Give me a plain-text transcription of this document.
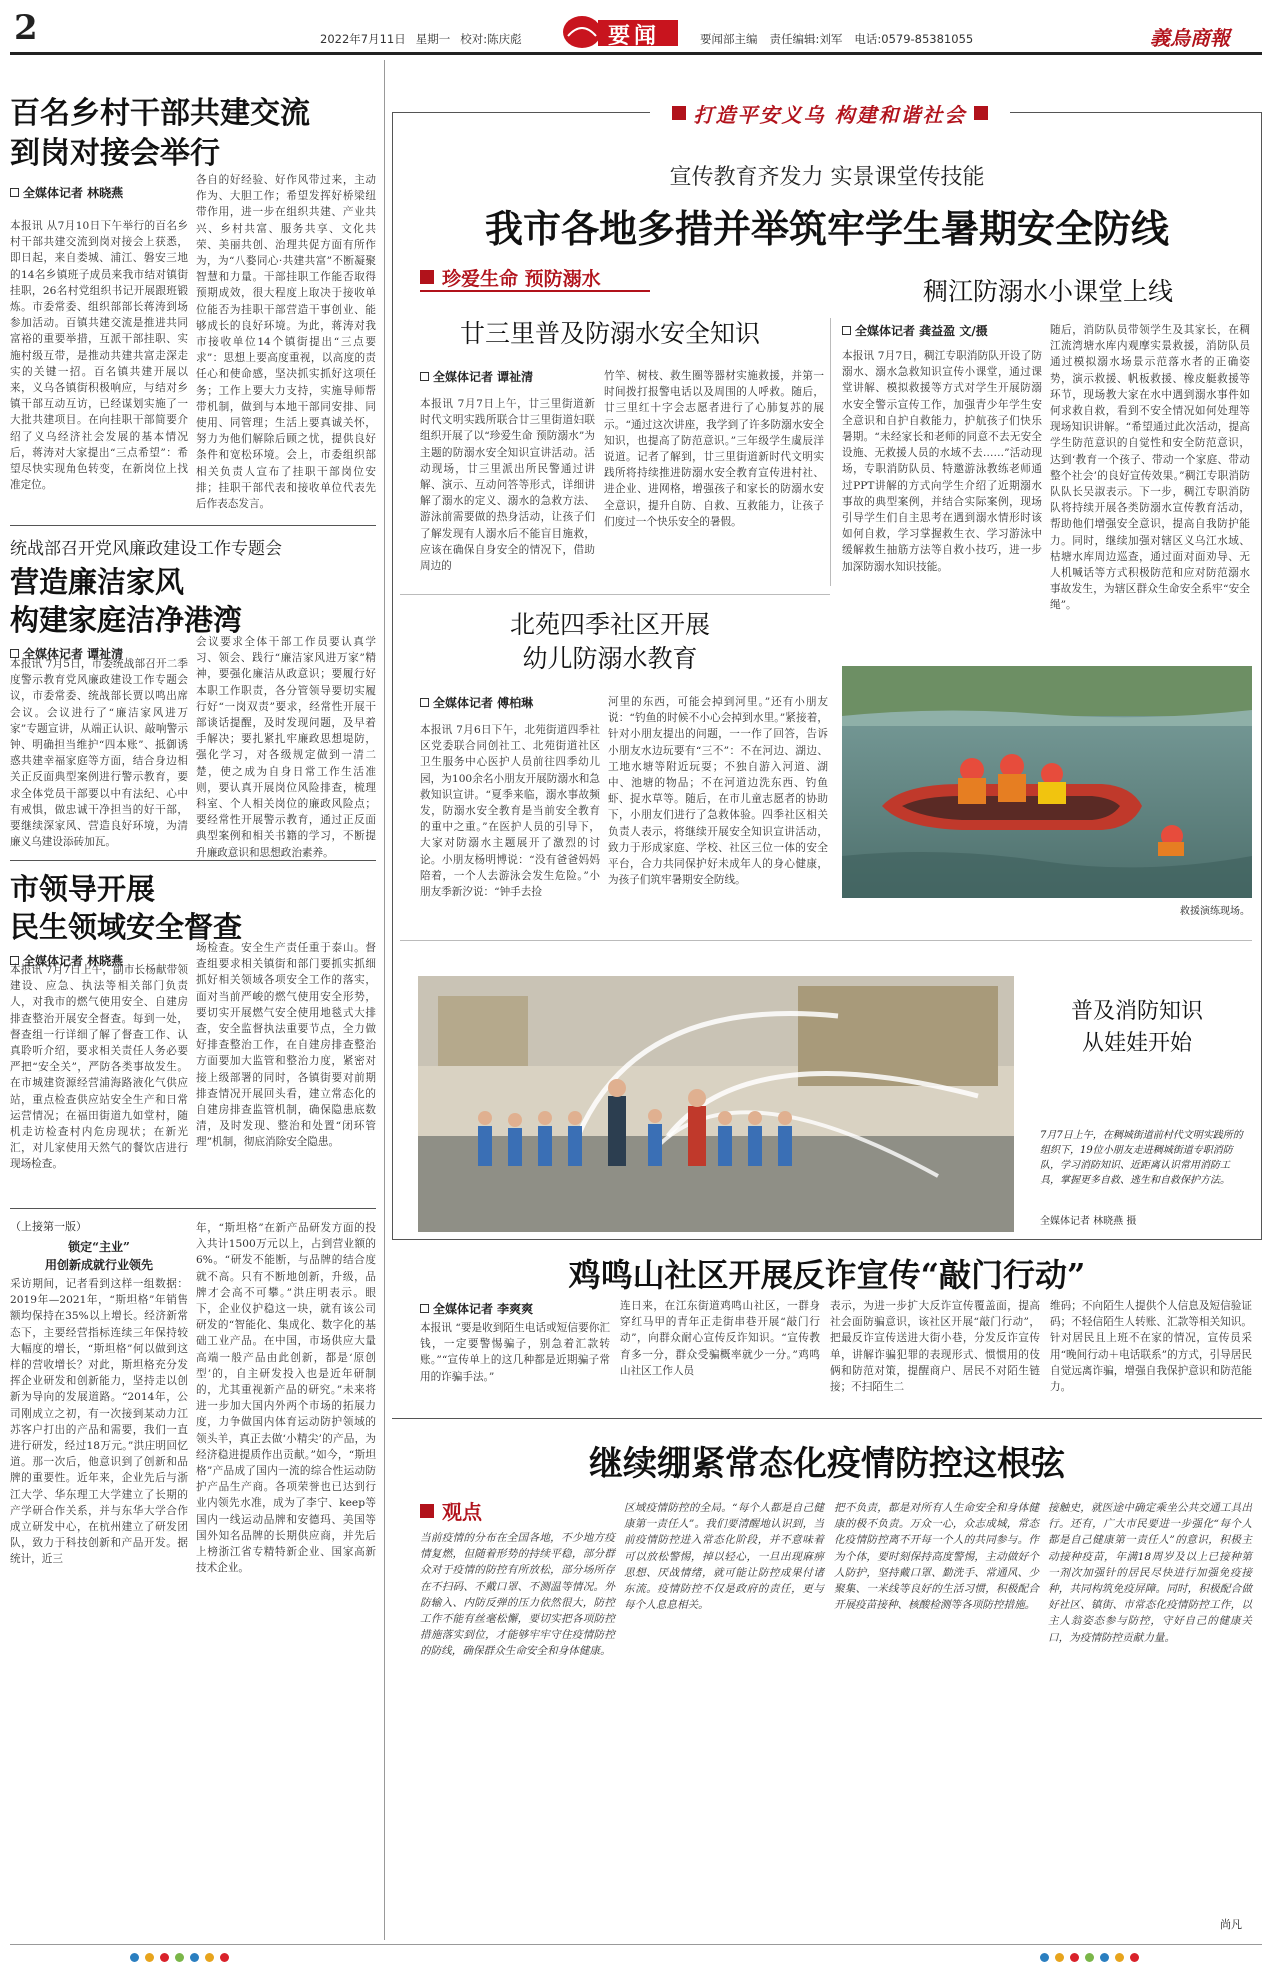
2	2022年7月11日 星期一 校对:陈庆彪	要闻	要闻部主编 责任编辑:刘军 电话:0579-85381055	義烏商報
百名乡村干部共建交流
到岗对接会举行
全媒体记者 林晓燕
本报讯 从7月10日下午举行的百名乡村干部共建交流到岗对接会上获悉，即日起，来自娄城、浦江、磐安三地的14名乡镇班子成员来我市结对镇街挂职，26名村党组织书记开展跟班锻炼。市委常委、组织部部长蒋涛到场参加活动。百镇共建交流是推进共同富裕的重要举措，互派干部挂职、实施村级互带，是推动共建共富走深走实的关键一招。百名镇共建开展以来，义乌各镇街积极响应，与结对乡镇干部互动互访，已经谋划实施了一大批共建项目。在向挂职干部简要介绍了义乌经济社会发展的基本情况后，蒋涛对大家提出“三点希望”：希望尽快实现角色转变，在新岗位上找准定位。
各自的好经验、好作风带过来，主动作为、大胆工作；希望发挥好桥梁纽带作用，进一步在组织共建、产业共兴、乡村共富、服务共享、文化共荣、美丽共创、治理共促方面有所作为，为“八婺同心·共建共富”不断凝聚智慧和力量。干部挂职工作能否取得预期成效，很大程度上取决于接收单位能否为挂职干部营造干事创业、能够成长的良好环境。为此，蒋涛对我市接收单位14个镇街提出“三点要求”：思想上要高度重视，以高度的责任心和使命感，坚决抓实抓好这项任务；工作上要大力支持，实施导师帮带机制，做到与本地干部同安排、同使用、同管理；生活上要真诚关怀，努力为他们解除后顾之忧，提供良好条件和宽松环境。会上，市委组织部相关负责人宣布了挂职干部岗位安排；挂职干部代表和接收单位代表先后作表态发言。
统战部召开党风廉政建设工作专题会
营造廉洁家风
构建家庭洁净港湾
全媒体记者 谭祉清
本报讯 7月5日，市委统战部召开二季度警示教育党风廉政建设工作专题会议，市委常委、统战部长贾以鸣出席会议。会议进行了“廉洁家风进万家”专题宣讲，从端正认识、敲响警示钟、明确担当维护“四本账”、抵御诱惑共建幸福家庭等方面，结合身边相关正反面典型案例进行警示教育，要求全体党员干部要以中有法纪、心中有戒惧，做忠诚干净担当的好干部，要继续深家风、营造良好环境，为清廉义乌建设添砖加瓦。
会议要求全体干部工作员要认真学习、领会、践行“廉洁家风进万家”精神，要强化廉洁从政意识；要履行好本职工作职责，各分管领导要切实履行好“一岗双责”要求，经常性开展干部谈话提醒，及时发现问题，及早着手解决；要扎紧扎牢廉政思想堤防，强化学习，对各级规定做到一清二楚，使之成为自身日常工作生活准则，要认真开展岗位风险排查，梳理科室、个人相关岗位的廉政风险点；要经常性开展警示教育，通过正反面典型案例和相关书籍的学习，不断提升廉政意识和思想政治素养。
市领导开展
民生领域安全督查
全媒体记者 林晓燕
本报讯 7月7日上午，副市长杨献带领建设、应急、执法等相关部门负责人，对我市的燃气使用安全、自建房排查整治开展安全督查。每到一处，督查组一行详细了解了督查工作、认真聆听介绍，要求相关责任人务必要严把“安全关”，严防各类事故发生。在市城建资源经营浦海路液化气供应站，重点检查供应站安全生产和日常运营情况；在福田街道九如堂村，随机走访检查村内危房现状；在新光汇，对儿家使用天然气的餐饮店进行现场检查。
场检查。安全生产责任重于泰山。督查组要求相关镇街和部门要抓实抓细抓好相关领域各项安全工作的落实，面对当前严峻的燃气使用安全形势，要切实开展燃气安全使用地毯式大排查，安全监督执法重要节点，全力做好排查整治工作，在自建房排查整治方面要加大监管和整治力度，紧密对接上级部署的同时，各镇街要对前期排查情况开展回头看，建立常态化的自建房排查监管机制，确保隐患底数清，及时发现、整治和处置“闭环管理”机制，彻底消除安全隐患。
（上接第一版）
锁定“主业”
用创新成就行业领先
采访期间，记者看到这样一组数据：2019年—2021年，“斯坦格”年销售额均保持在35%以上增长。经济新常态下，主要经营指标连续三年保持较大幅度的增长，“斯坦格”何以做到这样的营收增长？对此，斯坦格充分发挥企业研发和创新能力，坚持走以创新为导向的发展道路。“2014年，公司刚成立之初，有一次接到某动力江苏客户打出的产品和需要，我们一直进行研发，经过18万元。”洪庄明回忆道。那一次后，他意识到了创新和品牌的重要性。近年来，企业先后与浙江大学、华东理工大学建立了长期的产学研合作关系，并与东华大学合作成立研发中心，在杭州建立了研发团队，致力于科技创新和产品开发。据统计，近三
年，“斯坦格”在新产品研发方面的投入共计1500万元以上，占到营业额的6%。“研发不能断，与品牌的结合度就不高。只有不断地创新，升级，品牌才会高不可攀。”洪庄明表示。眼下，企业仪护稳这一块，就有该公司研发的“智能化、集成化、数字化的基础工业产品。在中国，市场供应大量高端一般产品由此创新，都是‘原创型’的，自主研发投入也是近年研制的，尤其重视新产品的研究。”未来将进一步加大国内外两个市场的拓展力度，力争做国内体育运动防护领域的领头羊，真正去做‘小精尖’的产品，为经济稳进提质作出贡献。”如今，“斯坦格”产品成了国内一流的综合性运动防护产品生产商。各项荣誉也已达到行业内领先水准，成为了李宁、keep等国内一线运动品牌和安德玛、美国等国外知名品牌的长期供应商，并先后上榜浙江省专精特新企业、国家高新技术企业。
打造平安义乌 构建和谐社会
宣传教育齐发力 实景课堂传技能
我市各地多措并举筑牢学生暑期安全防线
珍爱生命 预防溺水
廿三里普及防溺水安全知识
全媒体记者 谭祉清
本报讯 7月7日上午，廿三里街道新时代文明实践所联合廿三里街道妇联组织开展了以“珍爱生命 预防溺水”为主题的防溺水安全知识宣讲活动。活动现场，廿三里派出所民警通过讲解、演示、互动问答等形式，详细讲解了溺水的定义、溺水的急救方法、游泳前需要做的热身活动，让孩子们了解发现有人溺水后不能盲目施救，应该在确保自身安全的情况下，借助周边的
竹竿、树枝、救生圈等器材实施救援，并第一时间拨打报警电话以及周围的人呼救。随后，廿三里红十字会志愿者进行了心肺复苏的展示。“通过这次讲座，我学到了许多防溺水安全知识，也提高了防范意识。”三年级学生虞辰洋说道。记者了解到，廿三里街道新时代文明实践所将持续推进防溺水安全教育宣传进村社、进企业、进网格，增强孩子和家长的防溺水安全意识，提升自防、自救、互救能力，让孩子们度过一个快乐安全的暑假。
稠江防溺水小课堂上线
全媒体记者 龚益盈 文/摄
本报讯 7月7日，稠江专职消防队开设了防溺水、溺水急救知识宣传小课堂，通过课堂讲解、模拟救援等方式对学生开展防溺水安全警示宣传工作，加强青少年学生安全意识和自护自救能力，护航孩子们快乐暑期。“未经家长和老师的同意不去无安全设施、无救援人员的水域不去……”活动现场，专职消防队员、特邀游泳教练老师通过PPT讲解的方式向学生介绍了近期溺水事故的典型案例，并结合实际案例，现场引导学生们自主思考在遇到溺水情形时该如何自救，学习掌握救生衣、学习游泳中缓解救生抽筋方法等自救小技巧，进一步加深防溺水知识技能。
随后，消防队员带领学生及其家长，在稠江流湾塘水库内观摩实景救援，消防队员通过模拟溺水场景示范落水者的正确姿势，演示救援、帆板救援、橡皮艇救援等环节，现场教大家在水中遇到溺水事件如何求救自救，看到不安全情况如何处理等现场知识讲解。“希望通过此次活动，提高学生防范意识的自觉性和安全防范意识，达到‘教育一个孩子、带动一个家庭、带动整个社会’的良好宣传效果。”稠江专职消防队队长吴淑表示。下一步，稠江专职消防队将持续开展各类防溺水宣传教育活动，帮助他们增强安全意识，提高自我防护能力。同时，继续加强对辖区义乌江水域、枯塘水库周边巡查，通过面对面劝导、无人机喊话等方式积极防范和应对防范溺水事故发生，为辖区群众生命安全系牢“安全绳”。
北苑四季社区开展
幼儿防溺水教育
全媒体记者 傅柏琳
本报讯 7月6日下午，北苑街道四季社区党委联合同创社工、北苑街道社区卫生服务中心医护人员前往四季幼儿园，为100余名小朋友开展防溺水和急救知识宣讲。“夏季来临，溺水事故频发，防溺水安全教育是当前安全教育的重中之重。”在医护人员的引导下，大家对防溺水主题展开了激烈的讨论。小朋友杨明博说：“没有爸爸妈妈陪着，一个人去游泳会发生危险。”小朋友季新汐说：“钟手去捡
河里的东西，可能会掉到河里。”还有小朋友说：“钓鱼的时候不小心会掉到水里。”紧接着，针对小朋友提出的问题，一一作了回答，告诉小朋友水边玩要有“三不”：不在河边、湖边、工地水塘等附近玩耍；不独自游入河道、湖中、池塘的物品；不在河道边洗东西、钓鱼虾、捉水草等。随后，在市儿童志愿者的协助下，小朋友们进行了急救体验。四季社区相关负责人表示，将继续开展安全知识宣讲活动，致力于形成家庭、学校、社区三位一体的安全平台，合力共同保护好未成年人的身心健康，为孩子们筑牢暑期安全防线。
救援演练现场。
普及消防知识
从娃娃开始
7月7日上午，在稠城街道前村代文明实践所的组织下，19位小朋友走进稠城街道专职消防队，学习消防知识、近距离认识常用消防工具，掌握更多自救、逃生和自救保护方法。
全媒体记者 林晓燕 摄
鸡鸣山社区开展反诈宣传“敲门行动”
全媒体记者 李爽爽
本报讯 “要是收到陌生电话或短信要你汇钱，一定要警惕骗子，别急着汇款转账。”“宣传单上的这几种都是近期骗子常用的诈骗手法。”
连日来，在江东街道鸡鸣山社区，一群身穿红马甲的青年正走街串巷开展“敲门行动”，向群众耐心宣传反诈知识。“宣传教育多一分，群众受骗概率就少一分。”鸡鸣山社区工作人员
表示，为进一步扩大反诈宣传覆盖面，提高社会面防骗意识，该社区开展“敲门行动”，把最反诈宣传送进大街小巷，分发反诈宣传单，讲解诈骗犯罪的表现形式、惯惯用的伎俩和防范对策，提醒商户、居民不对陌生链接；不扫陌生二
维码；不向陌生人提供个人信息及短信验证码；不轻信陌生人转账、汇款等相关知识。针对居民且上班不在家的情况，宣传员采用“晚间行动＋电话联系”的方式，引导居民自觉远离诈骗，增强自我保护意识和防范能力。
继续绷紧常态化疫情防控这根弦
观点
当前疫情的分布在全国各地，不少地方疫情复燃，但随着形势的持续平稳，部分群众对于疫情的防控有所放松，部分场所存在不扫码、不戴口罩、不测温等情况。外防输入、内防反弹的压力依然很大，防控工作不能有丝毫松懈，要切实把各项防控措施落实到位，才能够牢牢守住疫情防控的防线，确保群众生命安全和身体健康。
区域疫情防控的全局。“每个人都是自己健康第一责任人”。我们要清醒地认识到，当前疫情防控进入常态化阶段，并不意味着可以放松警惕，掉以轻心，一旦出现麻痹思想、厌战情绪，就可能让防控成果付诸东流。疫情防控不仅是政府的责任，更与每个人息息相关。
把不负责，都是对所有人生命安全和身体健康的极不负责。万众一心，众志成城，常态化疫情防控离不开每一个人的共同参与。作为个体，要时刻保持高度警惕，主动做好个人防护，坚持戴口罩、勤洗手、常通风、少聚集、一米线等良好的生活习惯，积极配合开展疫苗接种、核酸检测等各项防控措施。
接触史，就医途中确定乘坐公共交通工具出行。还有，广大市民要进一步强化“每个人都是自己健康第一责任人”的意识，积极主动接种疫苗，年满18周岁及以上已接种第一剂次加强针的居民尽快进行加强免疫接种，共同构筑免疫屏障。同时，积极配合做好社区、镇街、市常态化疫情防控工作，以主人翁姿态参与防控，守好自己的健康关口，为疫情防控贡献力量。
尚凡
